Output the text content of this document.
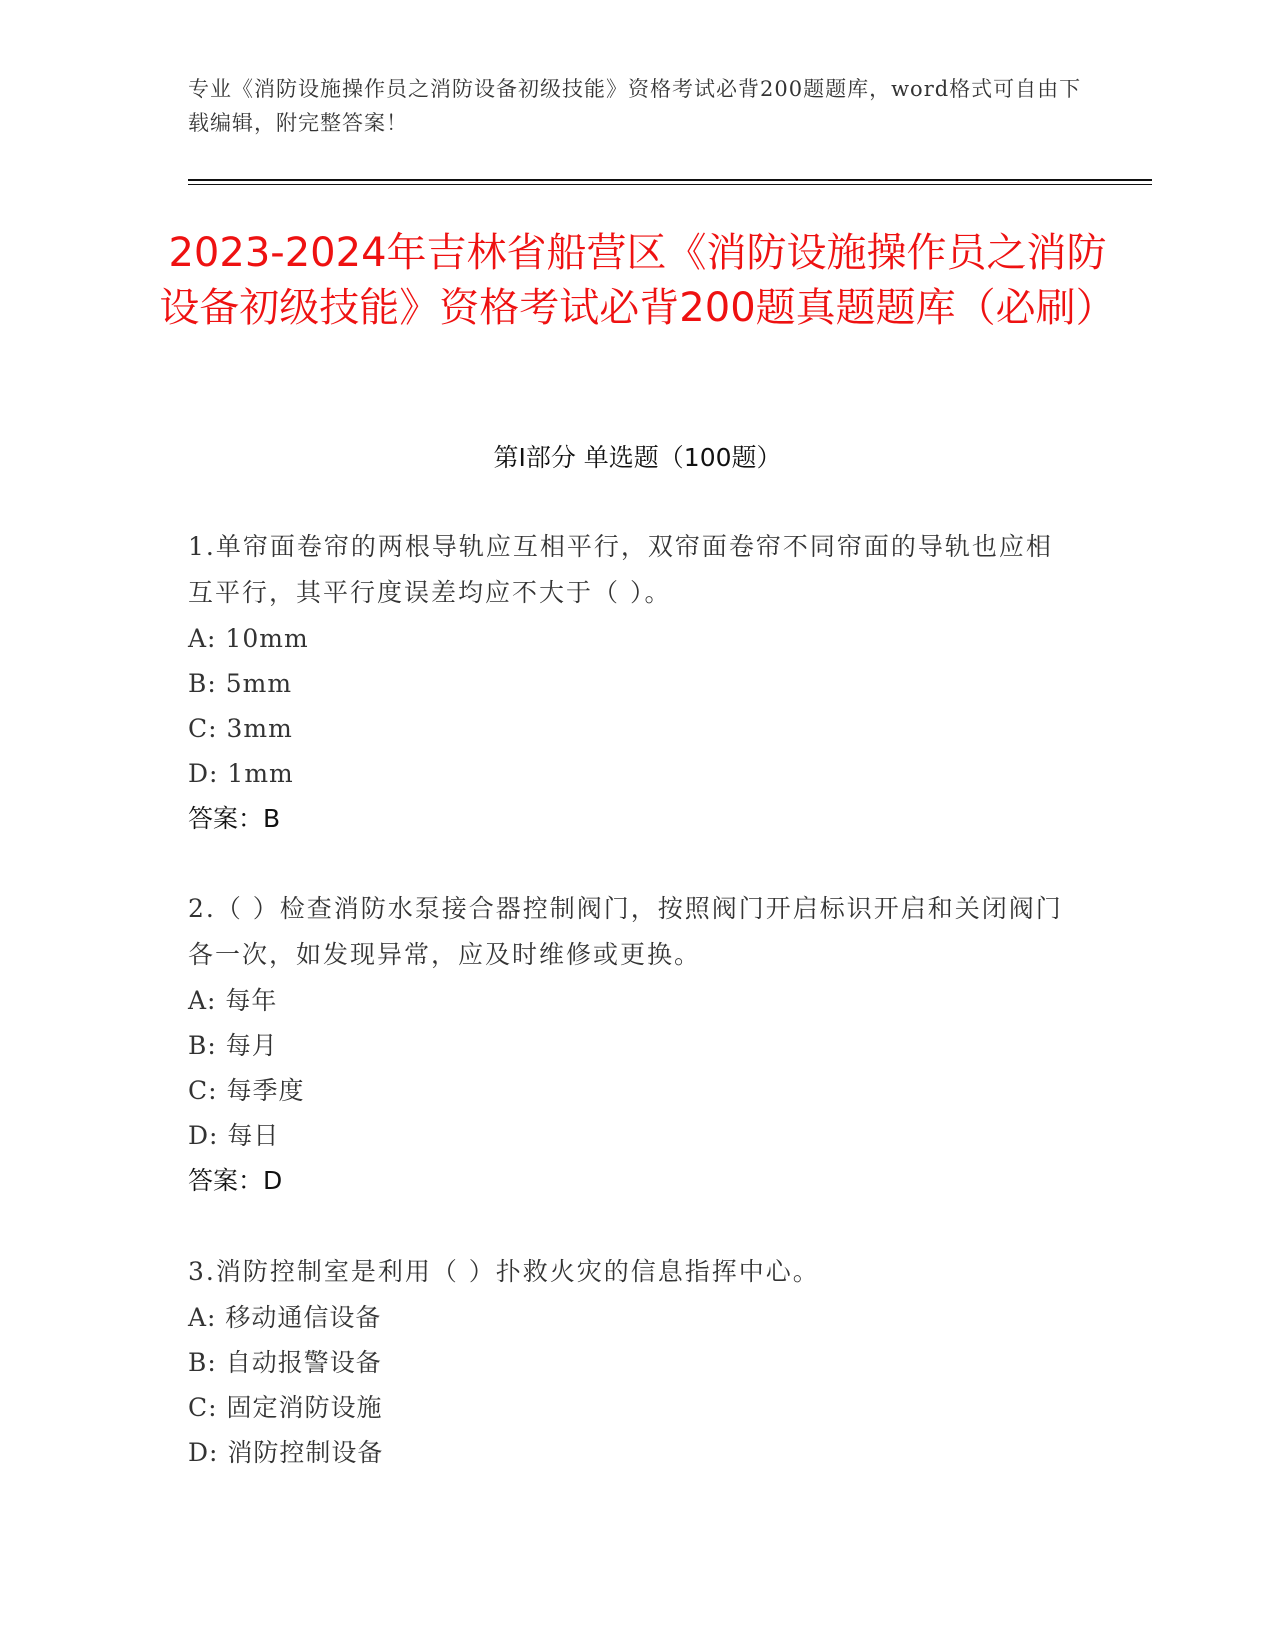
专业《消防设施操作员之消防设备初级技能》资格考试必背200题题库，word格式可自由下载编辑，附完整答案！
2023-2024年吉林省船营区《消防设施操作员之消防设备初级技能》资格考试必背200题真题题库（必刷）
第Ⅰ部分 单选题（100题）
1.单帘面卷帘的两根导轨应互相平行，双帘面卷帘不同帘面的导轨也应相互平行，其平行度误差均应不大于（ ）。
A: 10mm
B: 5mm
C: 3mm
D: 1mm
答案：B
2.（ ）检查消防水泵接合器控制阀门，按照阀门开启标识开启和关闭阀门各一次，如发现异常，应及时维修或更换。
A: 每年
B: 每月
C: 每季度
D: 每日
答案：D
3.消防控制室是利用（ ）扑救火灾的信息指挥中心。
A: 移动通信设备
B: 自动报警设备
C: 固定消防设施
D: 消防控制设备
